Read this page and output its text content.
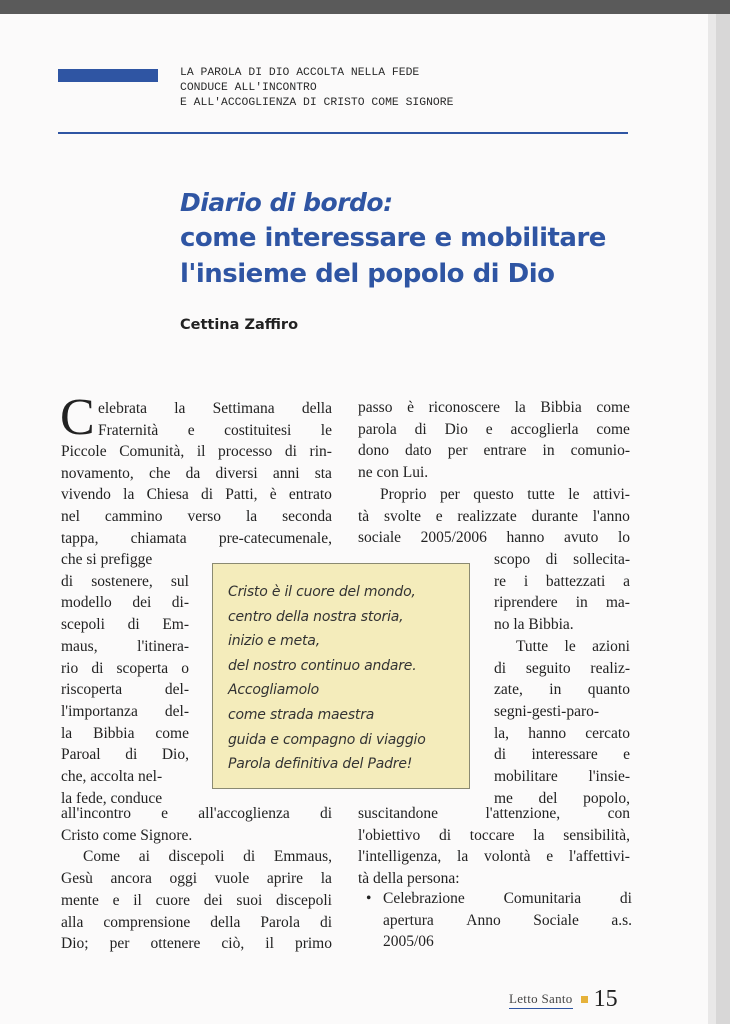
LA PAROLA DI DIO ACCOLTA NELLA FEDE
CONDUCE ALL'INCONTRO
E ALL'ACCOGLIENZA DI CRISTO COME SIGNORE
Diario di bordo:
come interessare e mobilitare
l'insieme del popolo di Dio
Cettina Zaffiro
C elebrata la Settimana della
Fraternità e costituitesi le
Piccole Comunità, il processo di rin-
novamento, che da diversi anni sta
vivendo la Chiesa di Patti, è entrato
nel cammino verso la seconda
tappa, chiamata pre-catecumenale,
che si prefigge
di sostenere, sul
modello dei di-
scepoli di Em-
maus,	l'itinera-
rio di scoperta o
riscoperta	del-
l'importanza del-
la Bibbia come
Paroal di Dio,
che, accolta nel-
la fede, conduce
all'incontro e all'accoglienza di
Cristo come Signore.
Come ai discepoli di Emmaus,
Gesù ancora oggi vuole aprire la
mente e il cuore dei suoi discepoli
alla comprensione della Parola di
Dio; per ottenere ciò, il primo
passo è riconoscere la Bibbia come
parola di Dio e accoglierla come
dono dato per entrare in comunio-
ne con Lui.
Proprio per questo tutte le attivi-
tà svolte e realizzate durante l'anno
sociale 2005/2006 hanno avuto lo
scopo di sollecita-
re i battezzati a
riprendere in ma-
no la Bibbia.
Tutte le azioni
di seguito realiz-
zate, in quanto
segni-gesti-paro-
la, hanno cercato
di interessare e
mobilitare l'insie-
me del popolo,
suscitandone	l'attenzione,	con
l'obiettivo di toccare la sensibilità,
l'intelligenza, la volontà e l'affettivi-
tà della persona:
• Celebrazione	Comunitaria	di
apertura Anno Sociale a.s.
2005/06
Cristo è il cuore del mondo,
centro della nostra storia,
inizio e meta,
del nostro continuo andare.
Accogliamolo
come strada maestra
guida e compagno di viaggio
Parola definitiva del Padre!
Letto Santo 15
